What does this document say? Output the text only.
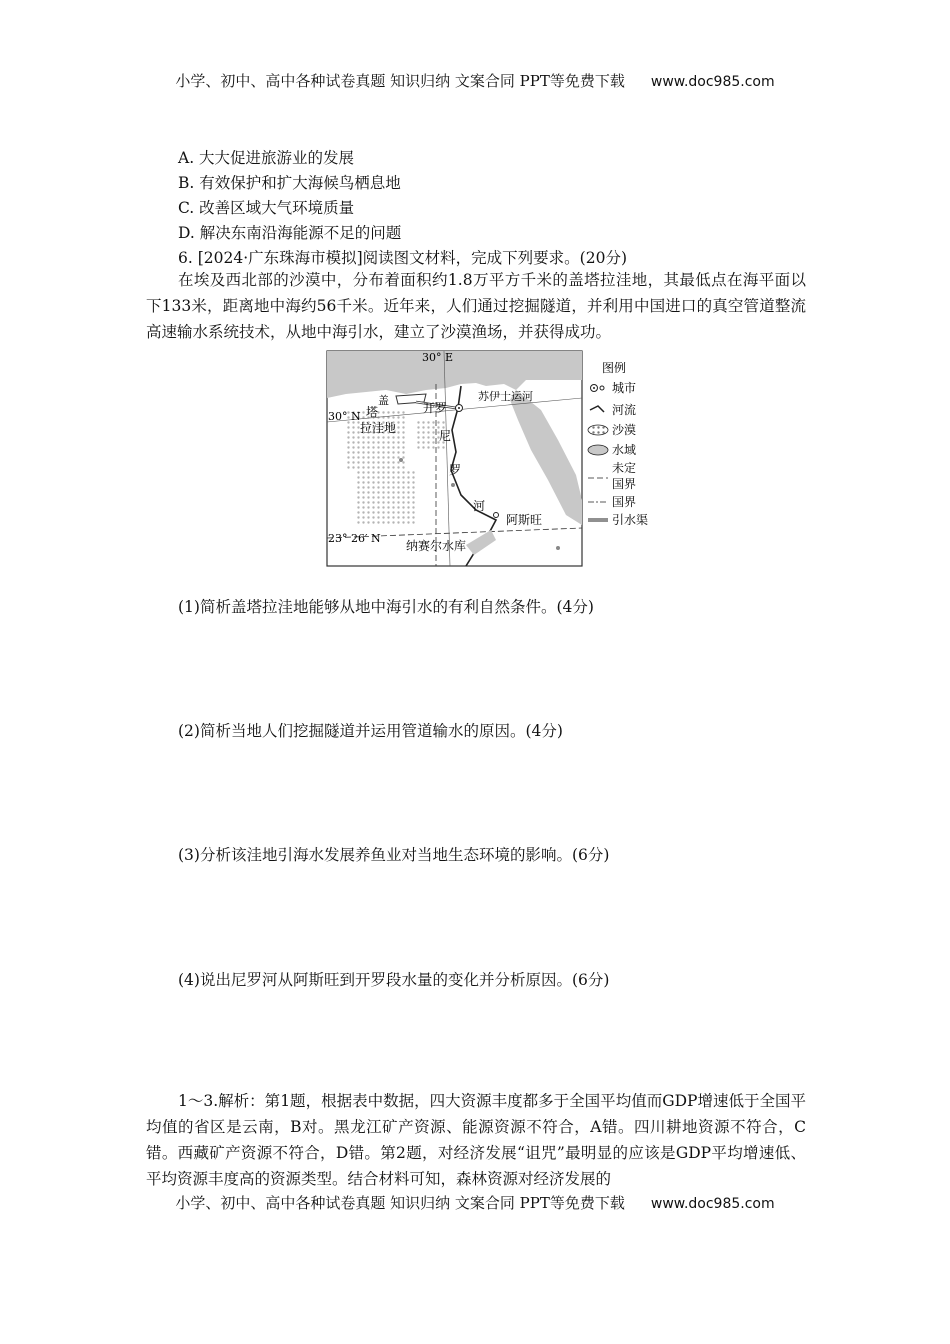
小学、初中、高中各种试卷真题 知识归纳 文案合同 PPT等免费下载 www.doc985.com
A. 大大促进旅游业的发展
B. 有效保护和扩大海候鸟栖息地
C. 改善区域大气环境质量
D. 解决东南沿海能源不足的问题
6. [2024·广东珠海市模拟]阅读图文材料，完成下列要求。(20分)
在埃及西北部的沙漠中，分布着面积约1.8万平方千米的盖塔拉洼地，其最低点在海平面以下133米，距离地中海约56千米。近年来，人们通过挖掘隧道，并利用中国进口的真空管道整流高速输水系统技术，从地中海引水，建立了沙漠渔场，并获得成功。
30° E
30° N
23° 26′ N
盖
塔
拉洼地
开罗
苏伊士运河
尼
罗
河
阿斯旺
纳赛尔水库
图例
城市
河流
沙漠
水域
未定
国界
国界
引水渠
(1)简析盖塔拉洼地能够从地中海引水的有利自然条件。(4分)
(2)简析当地人们挖掘隧道并运用管道输水的原因。(4分)
(3)分析该洼地引海水发展养鱼业对当地生态环境的影响。(6分)
(4)说出尼罗河从阿斯旺到开罗段水量的变化并分析原因。(6分)
1～3.解析：第1题，根据表中数据，四大资源丰度都多于全国平均值而GDP增速低于全国平均值的省区是云南，B对。黑龙江矿产资源、能源资源不符合，A错。四川耕地资源不符合，C错。西藏矿产资源不符合，D错。第2题，对经济发展“诅咒”最明显的应该是GDP平均增速低、平均资源丰度高的资源类型。结合材料可知，森林资源对经济发展的
小学、初中、高中各种试卷真题 知识归纳 文案合同 PPT等免费下载 www.doc985.com
